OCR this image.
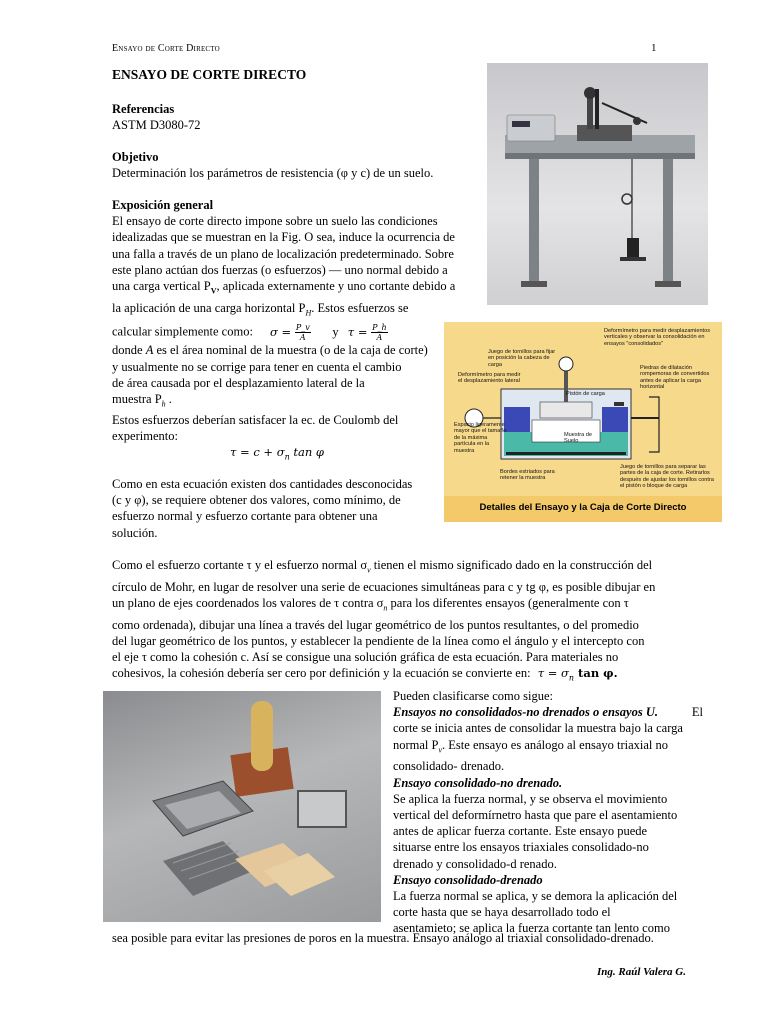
Ensayo de Corte Directo	1
ENSAYO DE CORTE DIRECTO
Referencias
ASTM D3080-72
Objetivo
Determinación los parámetros de resistencia (φ y c) de un suelo.
Exposición general
El ensayo de corte directo impone sobre un suelo las condiciones
idealizadas que se muestran en la Fig. O sea, induce la ocurrencia de
una falla a través de un plano de localización predeterminado. Sobre
este plano actúan dos fuerzas (o esfuerzos) — uno normal debido a
una carga vertical $P_V$, aplicada externamente y uno cortante debido a
la aplicación de una carga horizontal $P_H$. Estos esfuerzos se
calcular simplemente como: $\sigma = \frac{P\_v}{A}$ y $\tau = \frac{P\_h}{A}$
donde A es el área nominal de la muestra (o de la caja de corte)
y usualmente no se corrige para tener en cuenta el cambio
de área causada por el desplazamiento lateral de la
muestra $P_h$ .
Estos esfuerzos deberían satisfacer la ec. de Coulomb del
experimento:
$\tau = c + \sigma_n$ tan φ
Como en esta ecuación existen dos cantidades desconocidas
(c y φ), se requiere obtener dos valores, como mínimo, de
esfuerzo normal y esfuerzo cortante para obtener una
solución.
Como el esfuerzo cortante τ y el esfuerzo normal $\sigma_v$ tienen el mismo significado dado en la construcción del
círculo de Mohr, en lugar de resolver una serie de ecuaciones simultáneas para c y tg φ, es posible dibujar en
un plano de ejes coordenados los valores de τ contra $\sigma_n$ para los diferentes ensayos (generalmente con τ
como ordenada), dibujar una línea a través del lugar geométrico de los puntos resultantes, o del promedio
del lugar geométrico de los puntos, y establecer la pendiente de la línea como el ángulo y el intercepto con
el eje τ como la cohesión c. Así se consigue una solución gráfica de esta ecuación. Para materiales no
cohesivos, la cohesión debería ser cero por definición y la ecuación se convierte en: $\tau = \sigma_n$ tan φ.
Pueden clasificarse como sigue:
Ensayos no consolidados-no drenados o ensayos U.	El
corte se inicia antes de consolidar la muestra bajo la carga
normal $P_v$. Este ensayo es análogo al ensayo triaxial no
consolidado- drenado.
Ensayo consolidado-no drenado.
Se aplica la fuerza normal, y se observa el movimiento
vertical del deformírnetro hasta que pare el asentamiento
antes de aplicar fuerza cortante. Este ensayo puede
situarse entre los ensayos triaxiales consolidado-no
drenado y consolidado-d renado.
Ensayo consolidado-drenado
La fuerza normal se aplica, y se demora la aplicación del
corte hasta que se haya desarrollado todo el
asentamieto; se aplica la fuerza cortante tan lento como
sea posible para evitar las presiones de poros en la muestra. Ensayo análogo al triaxial consolidado-drenado.
Ing. Raúl Valera G.
Juego de tornillos para fijar en posición la cabeza de carga
Deformímetro para medir el desplazamiento lateral
Deformímetro para medir desplazamientos verticales y observar la consolidación en ensayos "consolidados"
Pistón de carga
Piedras de dilatación rompemoras de convertidos antes de aplicar la carga horizontal
Espacio ligeramente mayor que el tamaño de la máxima partícula en la muestra
Muestra de Suelo
Bordes estriados para retener la muestra
Juego de tornillos para separar las partes de la caja de corte. Retirarlos después de ajustar los tornillos contra el pistón o bloque de carga
Detalles del Ensayo y la Caja de Corte Directo
